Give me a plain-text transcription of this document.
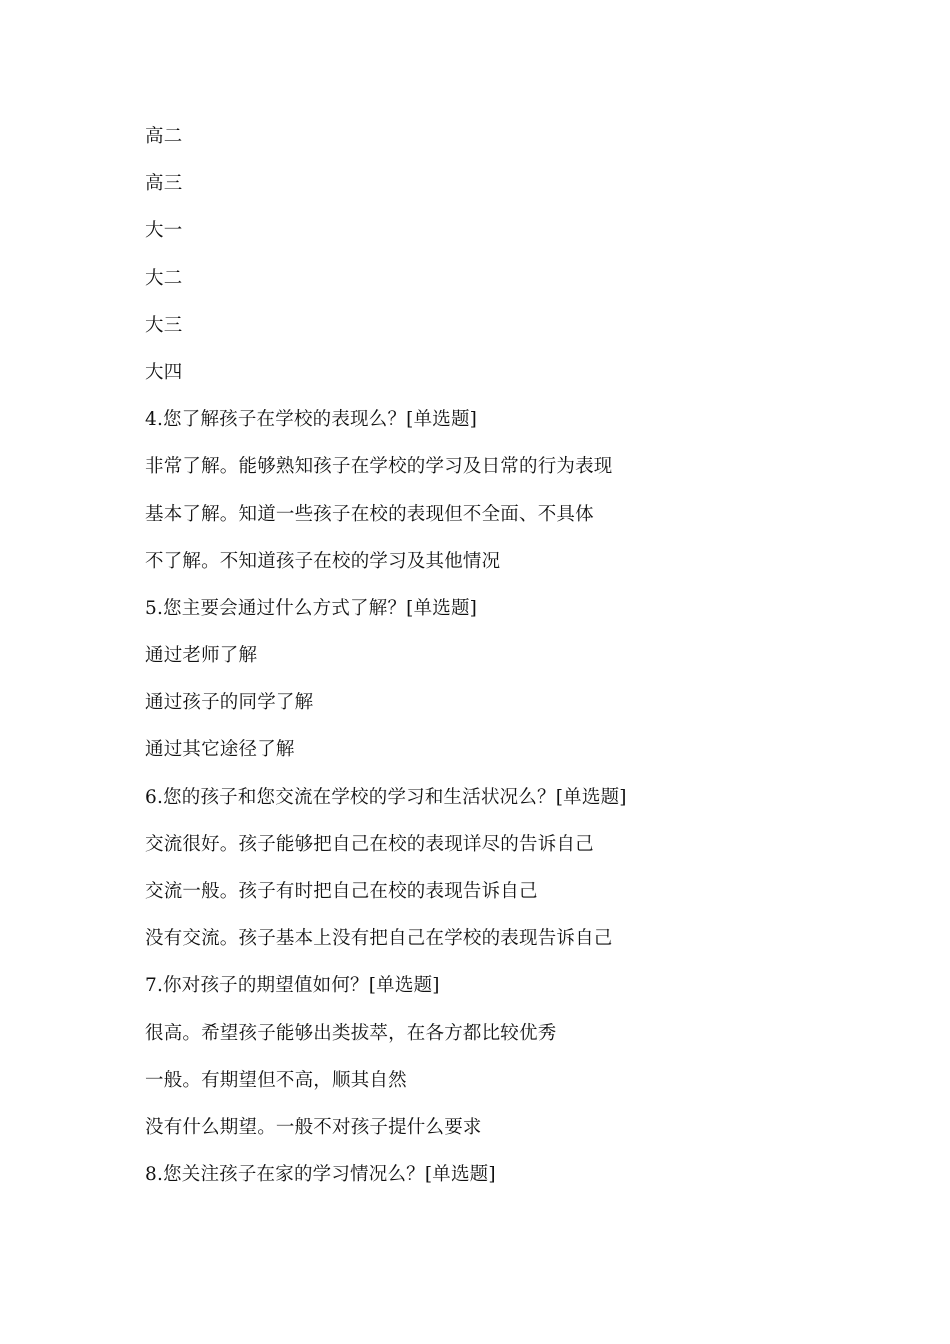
高二
高三
大一
大二
大三
大四
4.您了解孩子在学校的表现么？[单选题]
非常了解。能够熟知孩子在学校的学习及日常的行为表现
基本了解。知道一些孩子在校的表现但不全面、不具体
不了解。不知道孩子在校的学习及其他情况
5.您主要会通过什么方式了解？[单选题]
通过老师了解
通过孩子的同学了解
通过其它途径了解
6.您的孩子和您交流在学校的学习和生活状况么？[单选题]
交流很好。孩子能够把自己在校的表现详尽的告诉自己
交流一般。孩子有时把自己在校的表现告诉自己
没有交流。孩子基本上没有把自己在学校的表现告诉自己
7.你对孩子的期望值如何？[单选题]
很高。希望孩子能够出类拔萃，在各方都比较优秀
一般。有期望但不高，顺其自然
没有什么期望。一般不对孩子提什么要求
8.您关注孩子在家的学习情况么？[单选题]
